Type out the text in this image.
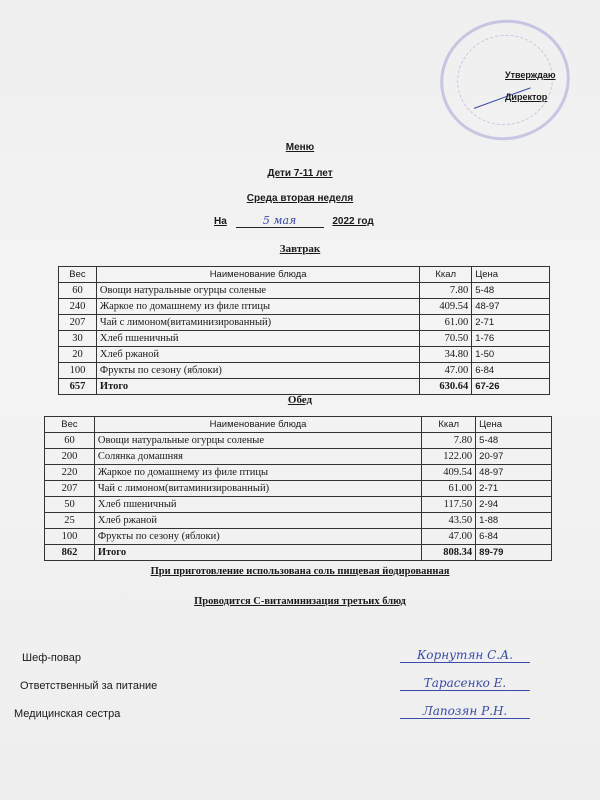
Утверждаю
Директор
Меню
Дети 7-11 лет
Среда вторая неделя
На	5 мая	2022 год
Завтрак
Вес	Наименование блюда	Ккал	Цена
60	Овощи натуральные огурцы соленые	7.80	5-48
240	Жаркое по домашнему из филе птицы	409.54	48-97
207	Чай с лимоном(витаминизированный)	61.00	2-71
30	Хлеб пшеничный	70.50	1-76
20	Хлеб ржаной	34.80	1-50
100	Фрукты по сезону (яблоки)	47.00	6-84
657	Итого	630.64	67-26
Обед
Вес	Наименование блюда	Ккал	Цена
60	Овощи натуральные огурцы соленые	7.80	5-48
200	Солянка домашняя	122.00	20-97
220	Жаркое по домашнему из филе птицы	409.54	48-97
207	Чай с лимоном(витаминизированный)	61.00	2-71
50	Хлеб пшеничный	117.50	2-94
25	Хлеб ржаной	43.50	1-88
100	Фрукты по сезону (яблоки)	47.00	6-84
862	Итого	808.34	89-79
При приготовление использована соль пищевая йодированная
Проводится С-витаминизация третьих блюд
Шеф-повар	Корнутян С.А.
Ответственный за питание	Тарасенко Е.
Медицинская сестра	Лапозян Р.Н.
